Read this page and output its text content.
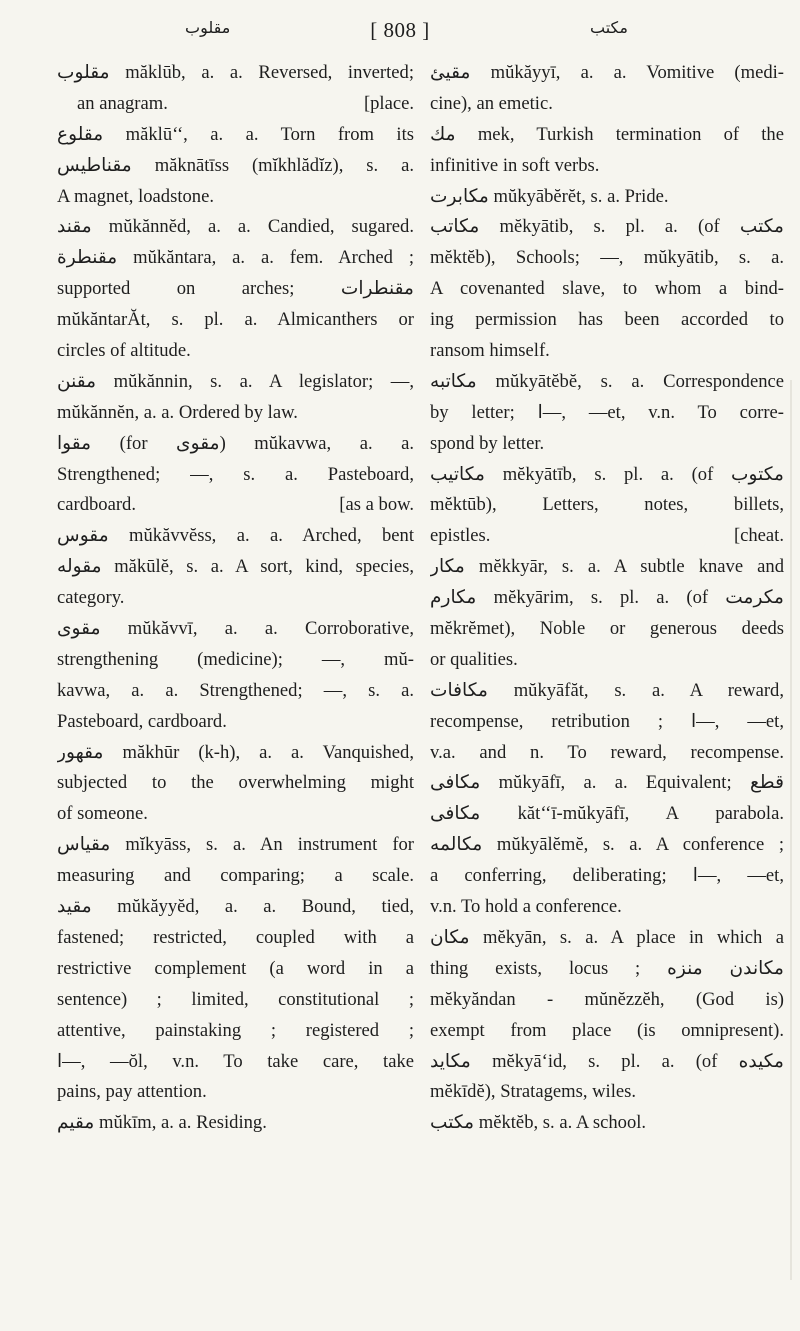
مقلوب	[ 808 ]	مكتب
مقلوب măklūb, a. a. Reversed, inverted;
an anagram.	[place.
مقلوع măklū‘‘, a. a. Torn from its
مقناطيس măknātīss (mĭkhlădĭz), s. a.
A magnet, loadstone.
مقند mŭkănnĕd, a. a. Candied, sugared.
مقنطرة mŭkăntara, a. a. fem. Arched ;
supported on arches; مقنطرات
mŭkăntarĂt, s. pl. a. Almicanthers or
circles of altitude.
مقنن mŭkănnin, s. a. A legislator; —,
mŭkănnĕn, a. a. Ordered by law.
مقوا (for مقوى) mŭkavwa, a. a.
Strengthened; —, s. a. Pasteboard,
cardboard.	[as a bow.
مقوس mŭkăvvĕss, a. a. Arched, bent
مقوله măkūlĕ, s. a. A sort, kind, species,
category.
مقوى mŭkăvvī, a. a. Corroborative,
strengthening (medicine); —, mŭ-
kavwa, a. a. Strengthened; —, s. a.
Pasteboard, cardboard.
مقهور măkhūr (k-h), a. a. Vanquished,
subjected to the overwhelming might
of someone.
مقياس mĭkyāss, s. a. An instrument for
measuring and comparing; a scale.
مقيد mŭkăyyĕd, a. a. Bound, tied,
fastened; restricted, coupled with a
restrictive complement (a word in a
sentence) ; limited, constitutional ;
attentive, painstaking ; registered ;
ا—, —ŏl, v.n. To take care, take
pains, pay attention.
مقيم mŭkīm, a. a. Residing.
مقيئ mŭkăyyī, a. a. Vomitive (medi-
cine), an emetic.
مك mek, Turkish termination of the
infinitive in soft verbs.
مكابرت mŭkyābĕrĕt, s. a. Pride.
مكاتب mĕkyātib, s. pl. a. (of مكتب
mĕktĕb), Schools; —, mŭkyātib, s. a.
A covenanted slave, to whom a bind-
ing permission has been accorded to
ransom himself.
مكاتبه mŭkyātĕbĕ, s. a. Correspondence
by letter; ا—, —et, v.n. To corre-
spond by letter.
مكاتيب mĕkyātīb, s. pl. a. (of مكتوب
mĕktūb), Letters, notes, billets,
epistles.	[cheat.
مكار mĕkkyār, s. a. A subtle knave and
مكارم mĕkyārim, s. pl. a. (of مكرمت
mĕkrĕmet), Noble or generous deeds
or qualities.
مكافات mŭkyāfăt, s. a. A reward,
recompense, retribution ; ا—, —et,
v.a. and n. To reward, recompense.
مكافى mŭkyāfī, a. a. Equivalent; قطع
مكافى kăt‘‘ī-mŭkyāfī, A parabola.
مكالمه mŭkyālĕmĕ, s. a. A conference ;
a conferring, deliberating; ا—, —et,
v.n. To hold a conference.
مكان mĕkyān, s. a. A place in which a
thing exists, locus ; مكاندن منزه
mĕkyăndan - mŭnĕzzĕh, (God is)
exempt from place (is omnipresent).
مكايد mĕkyā‘id, s. pl. a. (of مكيده
mĕkīdĕ), Stratagems, wiles.
مكتب mĕktĕb, s. a. A school.
